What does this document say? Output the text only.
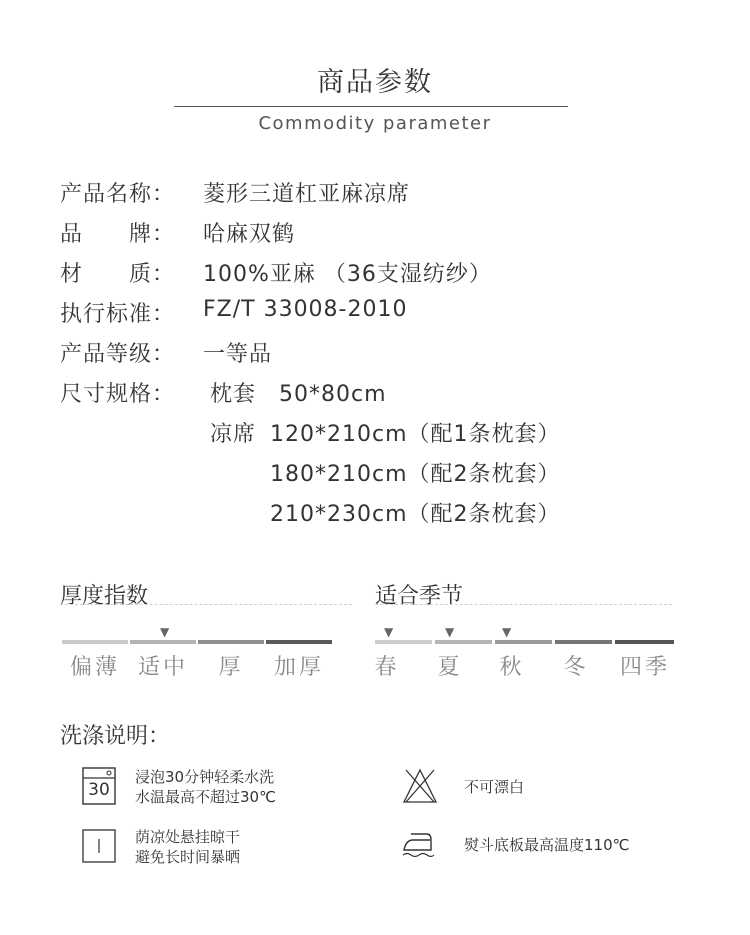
商品参数
Commodity parameter
产品名称： 菱形三道杠亚麻凉席
品　　牌： 哈麻双鹤
材　　质： 100%亚麻 （36支湿纺纱）
执行标准： FZ/T 33008-2010
产品等级： 一等品
尺寸规格： 枕套　50*80cm
凉席 120*210cm（配1条枕套）
180*210cm（配2条枕套）
210*230cm（配2条枕套）
厚度指数
▼
偏薄 适中	厚	加厚
适合季节
▼	▼	▼
春	夏	秋	冬	四季
洗涤说明：
30
浸泡30分钟轻柔水洗
水温最高不超过30℃
不可漂白
荫凉处悬挂晾干
避免长时间暴晒
熨斗底板最高温度110℃
